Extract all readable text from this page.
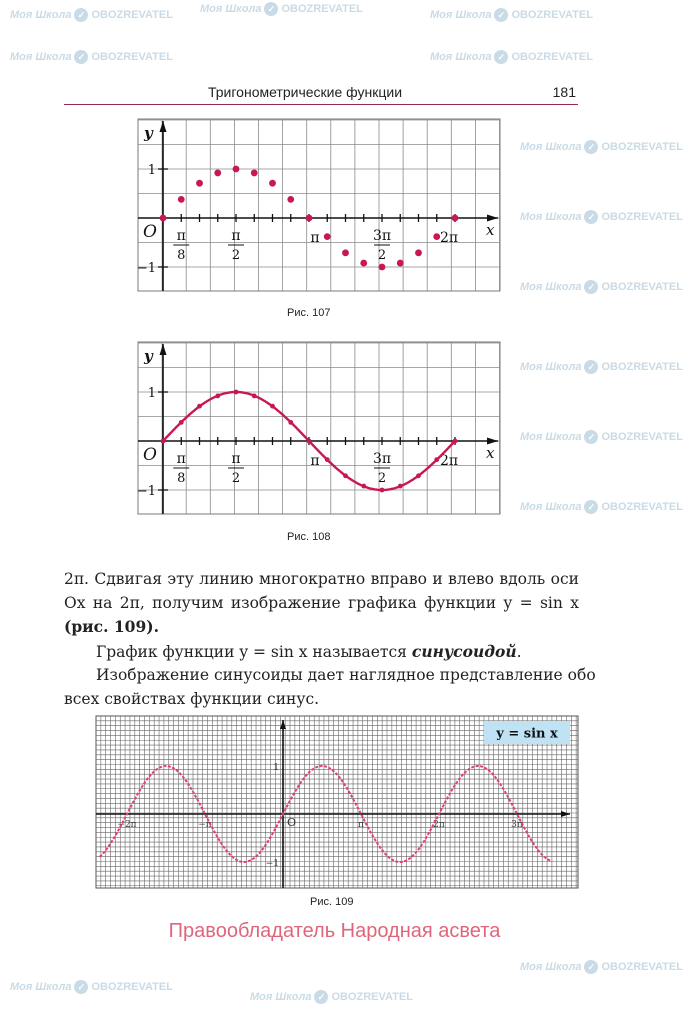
Моя Школа ✓ OBOZREVATEL Моя Школа ✓ OBOZREVATEL	Моя Школа ✓ OBOZREVATEL
Моя Школа ✓ OBOZREVATEL	Моя Школа ✓ OBOZREVATEL
Моя Школа ✓ OBOZREVATEL
Моя Школа ✓ OBOZREVATEL
Моя Школа ✓ OBOZREVATEL
Моя Школа ✓ OBOZREVATEL
Моя Школа ✓ OBOZREVATEL
Моя Школа ✓ OBOZREVATEL
Моя Школа ✓ OBOZREVATEL
Моя Школа ✓ OBOZREVATEL
Моя Школа ✓ OBOZREVATEL
Тригонометрические функции	181
1
−1
x
y
O π
8
π
2
π	3π
2
2π
Рис. 107
1
−1
x
y
O π
8
π
2
π	3π
2
2π
Рис. 108

2π. Сдвигая эту линию многократно вправо и влево вдоль оси

Ox на 2π, получим изображение графика функции y = sin x

(рис. 109).

График функции y = sin x называется синусоидой.

Изображение синусоиды дает наглядное представление обо

всех свойствах функции синус.

1
−1
O
−2π	−π	π	2π	3π
y = sin x
Рис. 109
Правообладатель Народная асвета
